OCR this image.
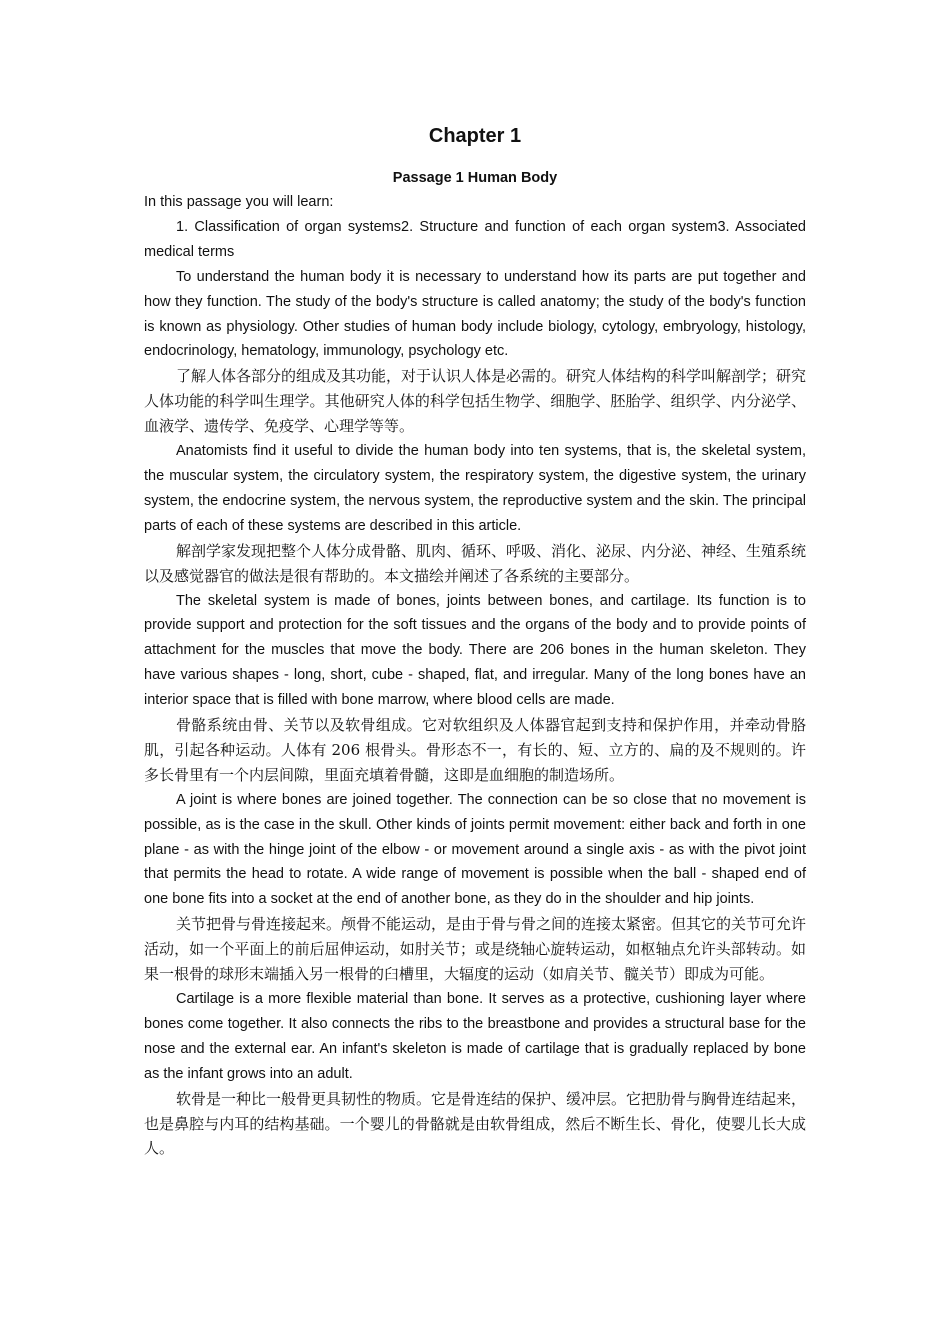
Chapter 1
Passage 1 Human Body

In this passage you will learn:

1. Classification of organ systems2. Structure and function of each organ system3. Associated medical terms

To understand the human body it is necessary to understand how its parts are put together and how they function. The study of the body's structure is called anatomy; the study of the body's function is known as physiology. Other studies of human body include biology, cytology, embryology, histology, endocrinology, hematology, immunology, psychology etc.

了解人体各部分的组成及其功能，对于认识人体是必需的。研究人体结构的科学叫解剖学；研究人体功能的科学叫生理学。其他研究人体的科学包括生物学、细胞学、胚胎学、组织学、内分泌学、血液学、遗传学、免疫学、心理学等等。

Anatomists find it useful to divide the human body into ten systems, that is, the skeletal system, the muscular system, the circulatory system, the respiratory system, the digestive system, the urinary system, the endocrine system, the nervous system, the reproductive system and the skin. The principal parts of each of these systems are described in this article.

解剖学家发现把整个人体分成骨骼、肌肉、循环、呼吸、消化、泌尿、内分泌、神经、生殖系统以及感觉器官的做法是很有帮助的。本文描绘并阐述了各系统的主要部分。

The skeletal system is made of bones, joints between bones, and cartilage. Its function is to provide support and protection for the soft tissues and the organs of the body and to provide points of attachment for the muscles that move the body. There are 206 bones in the human skeleton. They have various shapes - long, short, cube - shaped, flat, and irregular. Many of the long bones have an interior space that is filled with bone marrow, where blood cells are made.

骨骼系统由骨、关节以及软骨组成。它对软组织及人体器官起到支持和保护作用，并牵动骨胳肌，引起各种运动。人体有 206 根骨头。骨形态不一，有长的、短、立方的、扁的及不规则的。许多长骨里有一个内层间隙，里面充填着骨髓，这即是血细胞的制造场所。

A joint is where bones are joined together. The connection can be so close that no movement is possible, as is the case in the skull. Other kinds of joints permit movement: either back and forth in one plane - as with the hinge joint of the elbow - or movement around a single axis - as with the pivot joint that permits the head to rotate. A wide range of movement is possible when the ball - shaped end of one bone fits into a socket at the end of another bone, as they do in the shoulder and hip joints.

关节把骨与骨连接起来。颅骨不能运动，是由于骨与骨之间的连接太紧密。但其它的关节可允许活动，如一个平面上的前后屈伸运动，如肘关节；或是绕轴心旋转运动，如枢轴点允许头部转动。如果一根骨的球形末端插入另一根骨的臼槽里，大辐度的运动（如肩关节、髋关节）即成为可能。

Cartilage is a more flexible material than bone. It serves as a protective, cushioning layer where bones come together. It also connects the ribs to the breastbone and provides a structural base for the nose and the external ear. An infant's skeleton is made of cartilage that is gradually replaced by bone as the infant grows into an adult.

软骨是一种比一般骨更具韧性的物质。它是骨连结的保护、缓冲层。它把肋骨与胸骨连结起来，也是鼻腔与内耳的结构基础。一个婴儿的骨骼就是由软骨组成，然后不断生长、骨化，使婴儿长大成人。
